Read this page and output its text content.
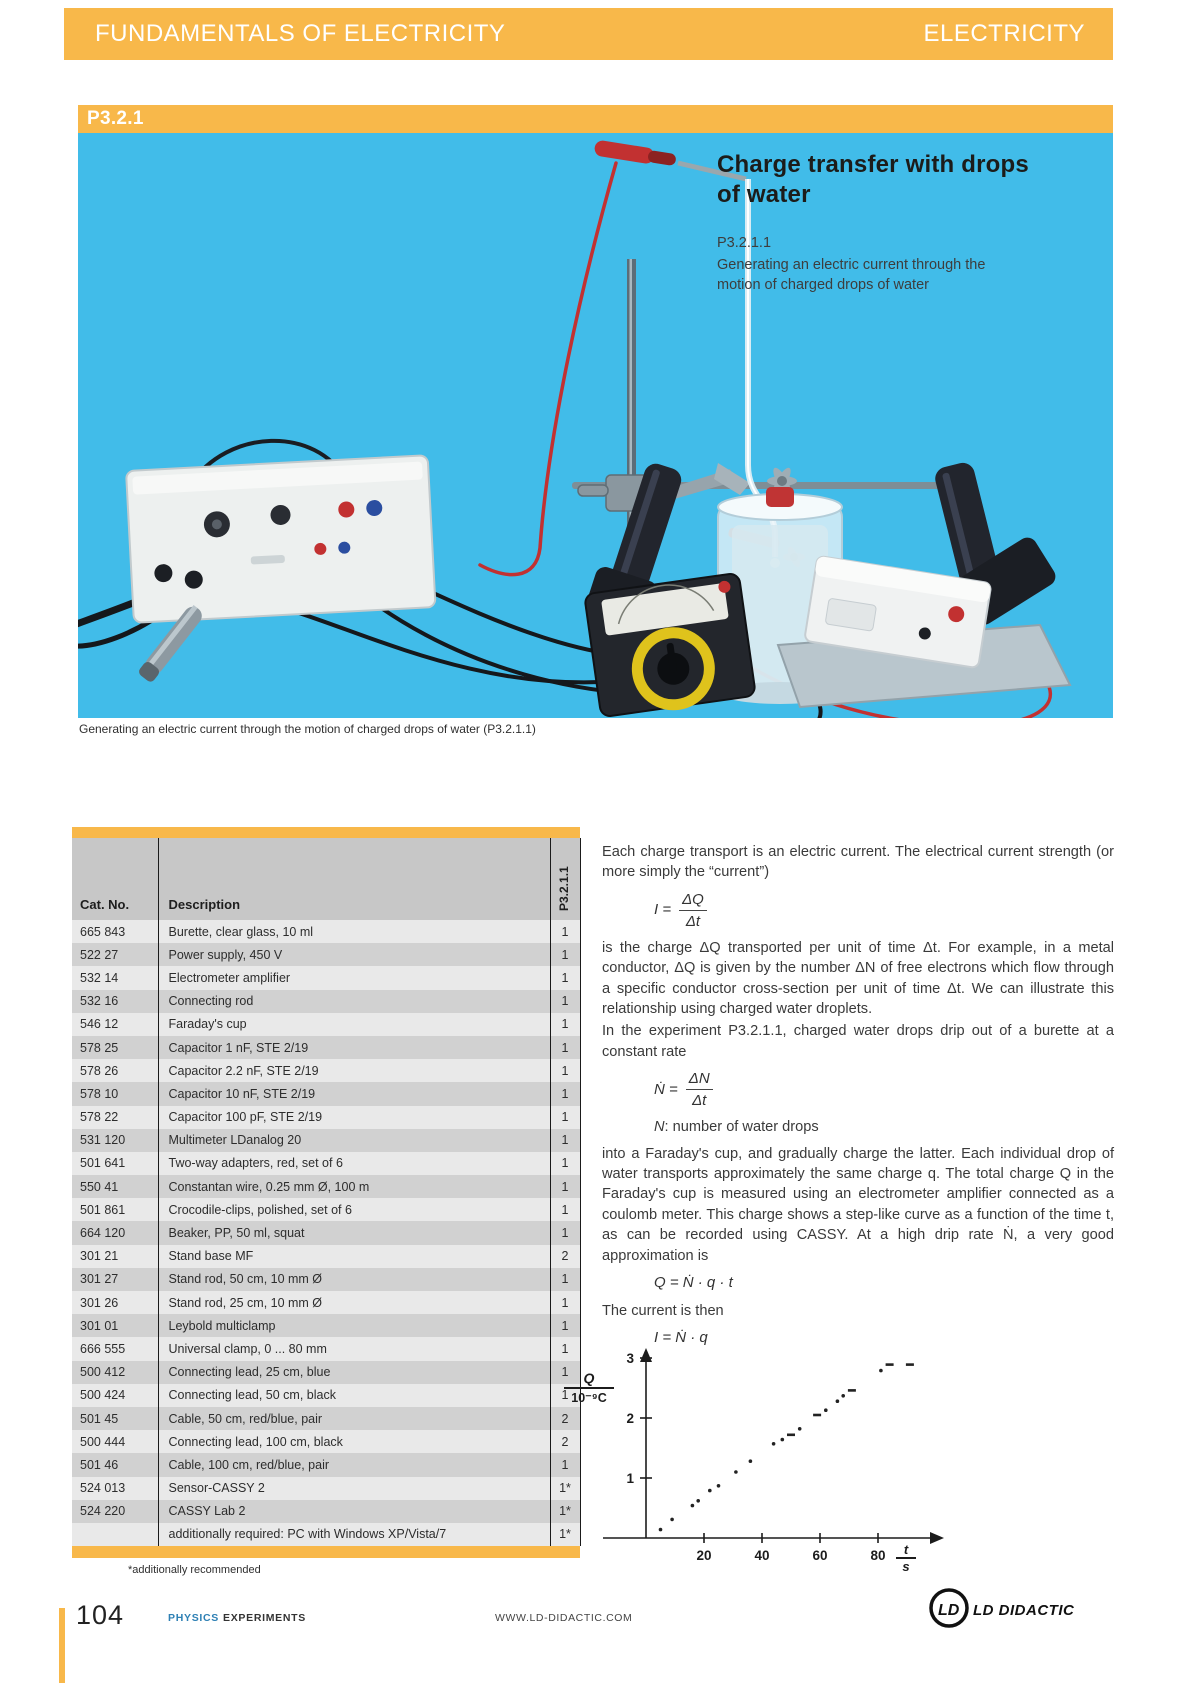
FUNDAMENTALS OF ELECTRICITY	ELECTRICITY
P3.2.1
Charge transfer with drops of water
P3.2.1.1
Generating an electric current through the motion of charged drops of water
Generating an electric current through the motion of charged drops of water (P3.2.1.1)
Cat. No.	Description	P3.2.1.1

665 843	Burette, clear glass, 10 ml	1
522 27	Power supply, 450 V	1
532 14	Electrometer amplifier	1
532 16	Connecting rod	1
546 12	Faraday's cup	1
578 25	Capacitor 1 nF, STE 2/19	1
578 26	Capacitor 2.2 nF, STE 2/19	1
578 10	Capacitor 10 nF, STE 2/19	1
578 22	Capacitor 100 pF, STE 2/19	1
531 120	Multimeter LDanalog 20	1
501 641	Two-way adapters, red, set of 6	1
550 41	Constantan wire, 0.25 mm Ø, 100 m	1
501 861	Crocodile-clips, polished, set of 6	1
664 120	Beaker, PP, 50 ml, squat	1
301 21	Stand base MF	2
301 27	Stand rod, 50 cm, 10 mm Ø	1
301 26	Stand rod, 25 cm, 10 mm Ø	1
301 01	Leybold multiclamp	1
666 555	Universal clamp, 0 ... 80 mm	1
500 412	Connecting lead, 25 cm, blue	1
500 424	Connecting lead, 50 cm, black	1
501 45	Cable, 50 cm, red/blue, pair	2
500 444	Connecting lead, 100 cm, black	2
501 46	Cable, 100 cm, red/blue, pair	1
524 013	Sensor-CASSY 2	1*
524 220	CASSY Lab 2	1*
	additionally required: PC with Windows XP/Vista/7	1*
*additionally recommended

Each charge transport is an electric current. The electrical current strength (or more simply the “current”)

$I = \frac{\Delta Q}{\Delta t}$

is the charge ΔQ transported per unit of time Δt. For example, in a metal conductor, ΔQ is given by the number ΔN of free electrons which flow through a specific conductor cross-section per unit of time Δt. We can illustrate this relationship using charged water droplets.

In the experiment P3.2.1.1, charged water drops drip out of a burette at a constant rate

Ṅ = $\frac{\Delta N}{\Delta t}$
N: number of water drops

into a Faraday's cup, and gradually charge the latter. Each individual drop of water transports approximately the same charge q. The total charge Q in the Faraday's cup is measured using an electrometer amplifier connected as a coulomb meter. This charge shows a step-like curve as a function of the time t, as can be recorded using CASSY. At a high drip rate Ṅ, a very good approximation is

Q = Ṅ · q · t

The current is then

I = Ṅ · q
20	40	60	80
1
2
3
$\frac{Q}{\text{10⁻⁹C}}$
$\frac{t}{s}$
104	PHYSICS EXPERIMENTS	WWW.LD-DIDACTIC.COM	LD LD DIDACTIC
